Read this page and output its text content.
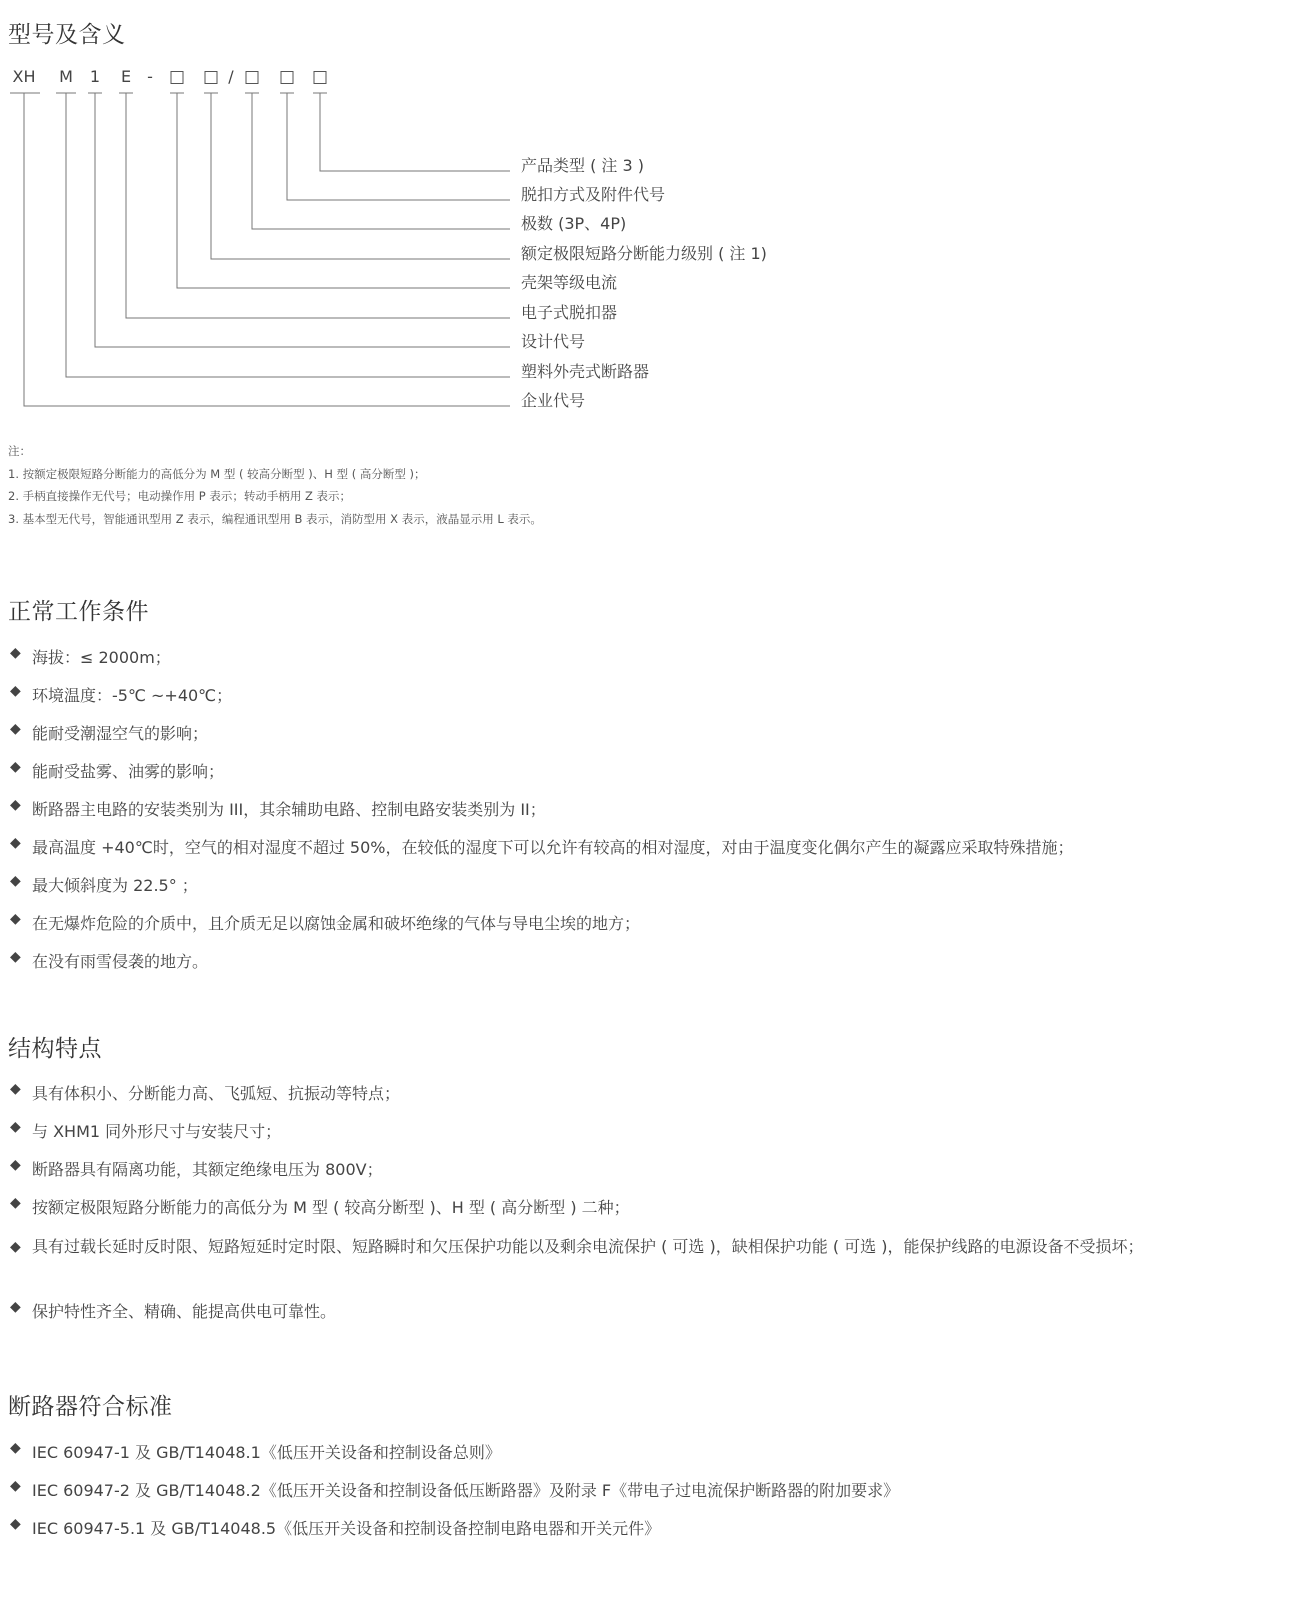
型号及含义
XH M 1 E -	/
产品类型 ( 注 3 )
脱扣方式及附件代号
极数 (3P、4P)
额定极限短路分断能力级别 ( 注 1)
壳架等级电流
电子式脱扣器
设计代号
塑料外壳式断路器
企业代号
注：
1. 按额定极限短路分断能力的高低分为 M 型 ( 较高分断型 )、H 型 ( 高分断型 )；
2. 手柄直接操作无代号；电动操作用 P 表示；转动手柄用 Z 表示；
3. 基本型无代号，智能通讯型用 Z 表示，编程通讯型用 B 表示，消防型用 X 表示，液晶显示用 L 表示。
正常工作条件
◆ 海拔：≤ 2000m；
◆ 环境温度：-5℃ ~+40℃；
◆ 能耐受潮湿空气的影响；
◆ 能耐受盐雾、油雾的影响；
◆ 断路器主电路的安装类别为 III，其余辅助电路、控制电路安装类别为 II；
◆ 最高温度 +40℃时，空气的相对湿度不超过 50%，在较低的湿度下可以允许有较高的相对湿度，对由于温度变化偶尔产生的凝露应采取特殊措施；
◆ 最大倾斜度为 22.5° ；
◆ 在无爆炸危险的介质中，且介质无足以腐蚀金属和破坏绝缘的气体与导电尘埃的地方；
◆ 在没有雨雪侵袭的地方。
结构特点
◆ 具有体积小、分断能力高、飞弧短、抗振动等特点；
◆ 与 XHM1 同外形尺寸与安装尺寸；
◆ 断路器具有隔离功能，其额定绝缘电压为 800V；
◆ 按额定极限短路分断能力的高低分为 M 型 ( 较高分断型 )、H 型 ( 高分断型 ) 二种；
◆ 具有过载长延时反时限、短路短延时定时限、短路瞬时和欠压保护功能以及剩余电流保护 ( 可选 )，缺相保护功能 ( 可选 )，能保护线路的电源设备不受损坏；
◆ 保护特性齐全、精确、能提高供电可靠性。
断路器符合标准
◆ IEC 60947-1 及 GB/T14048.1《低压开关设备和控制设备总则》
◆ IEC 60947-2 及 GB/T14048.2《低压开关设备和控制设备低压断路器》及附录 F《带电子过电流保护断路器的附加要求》
◆ IEC 60947-5.1 及 GB/T14048.5《低压开关设备和控制设备控制电路电器和开关元件》
